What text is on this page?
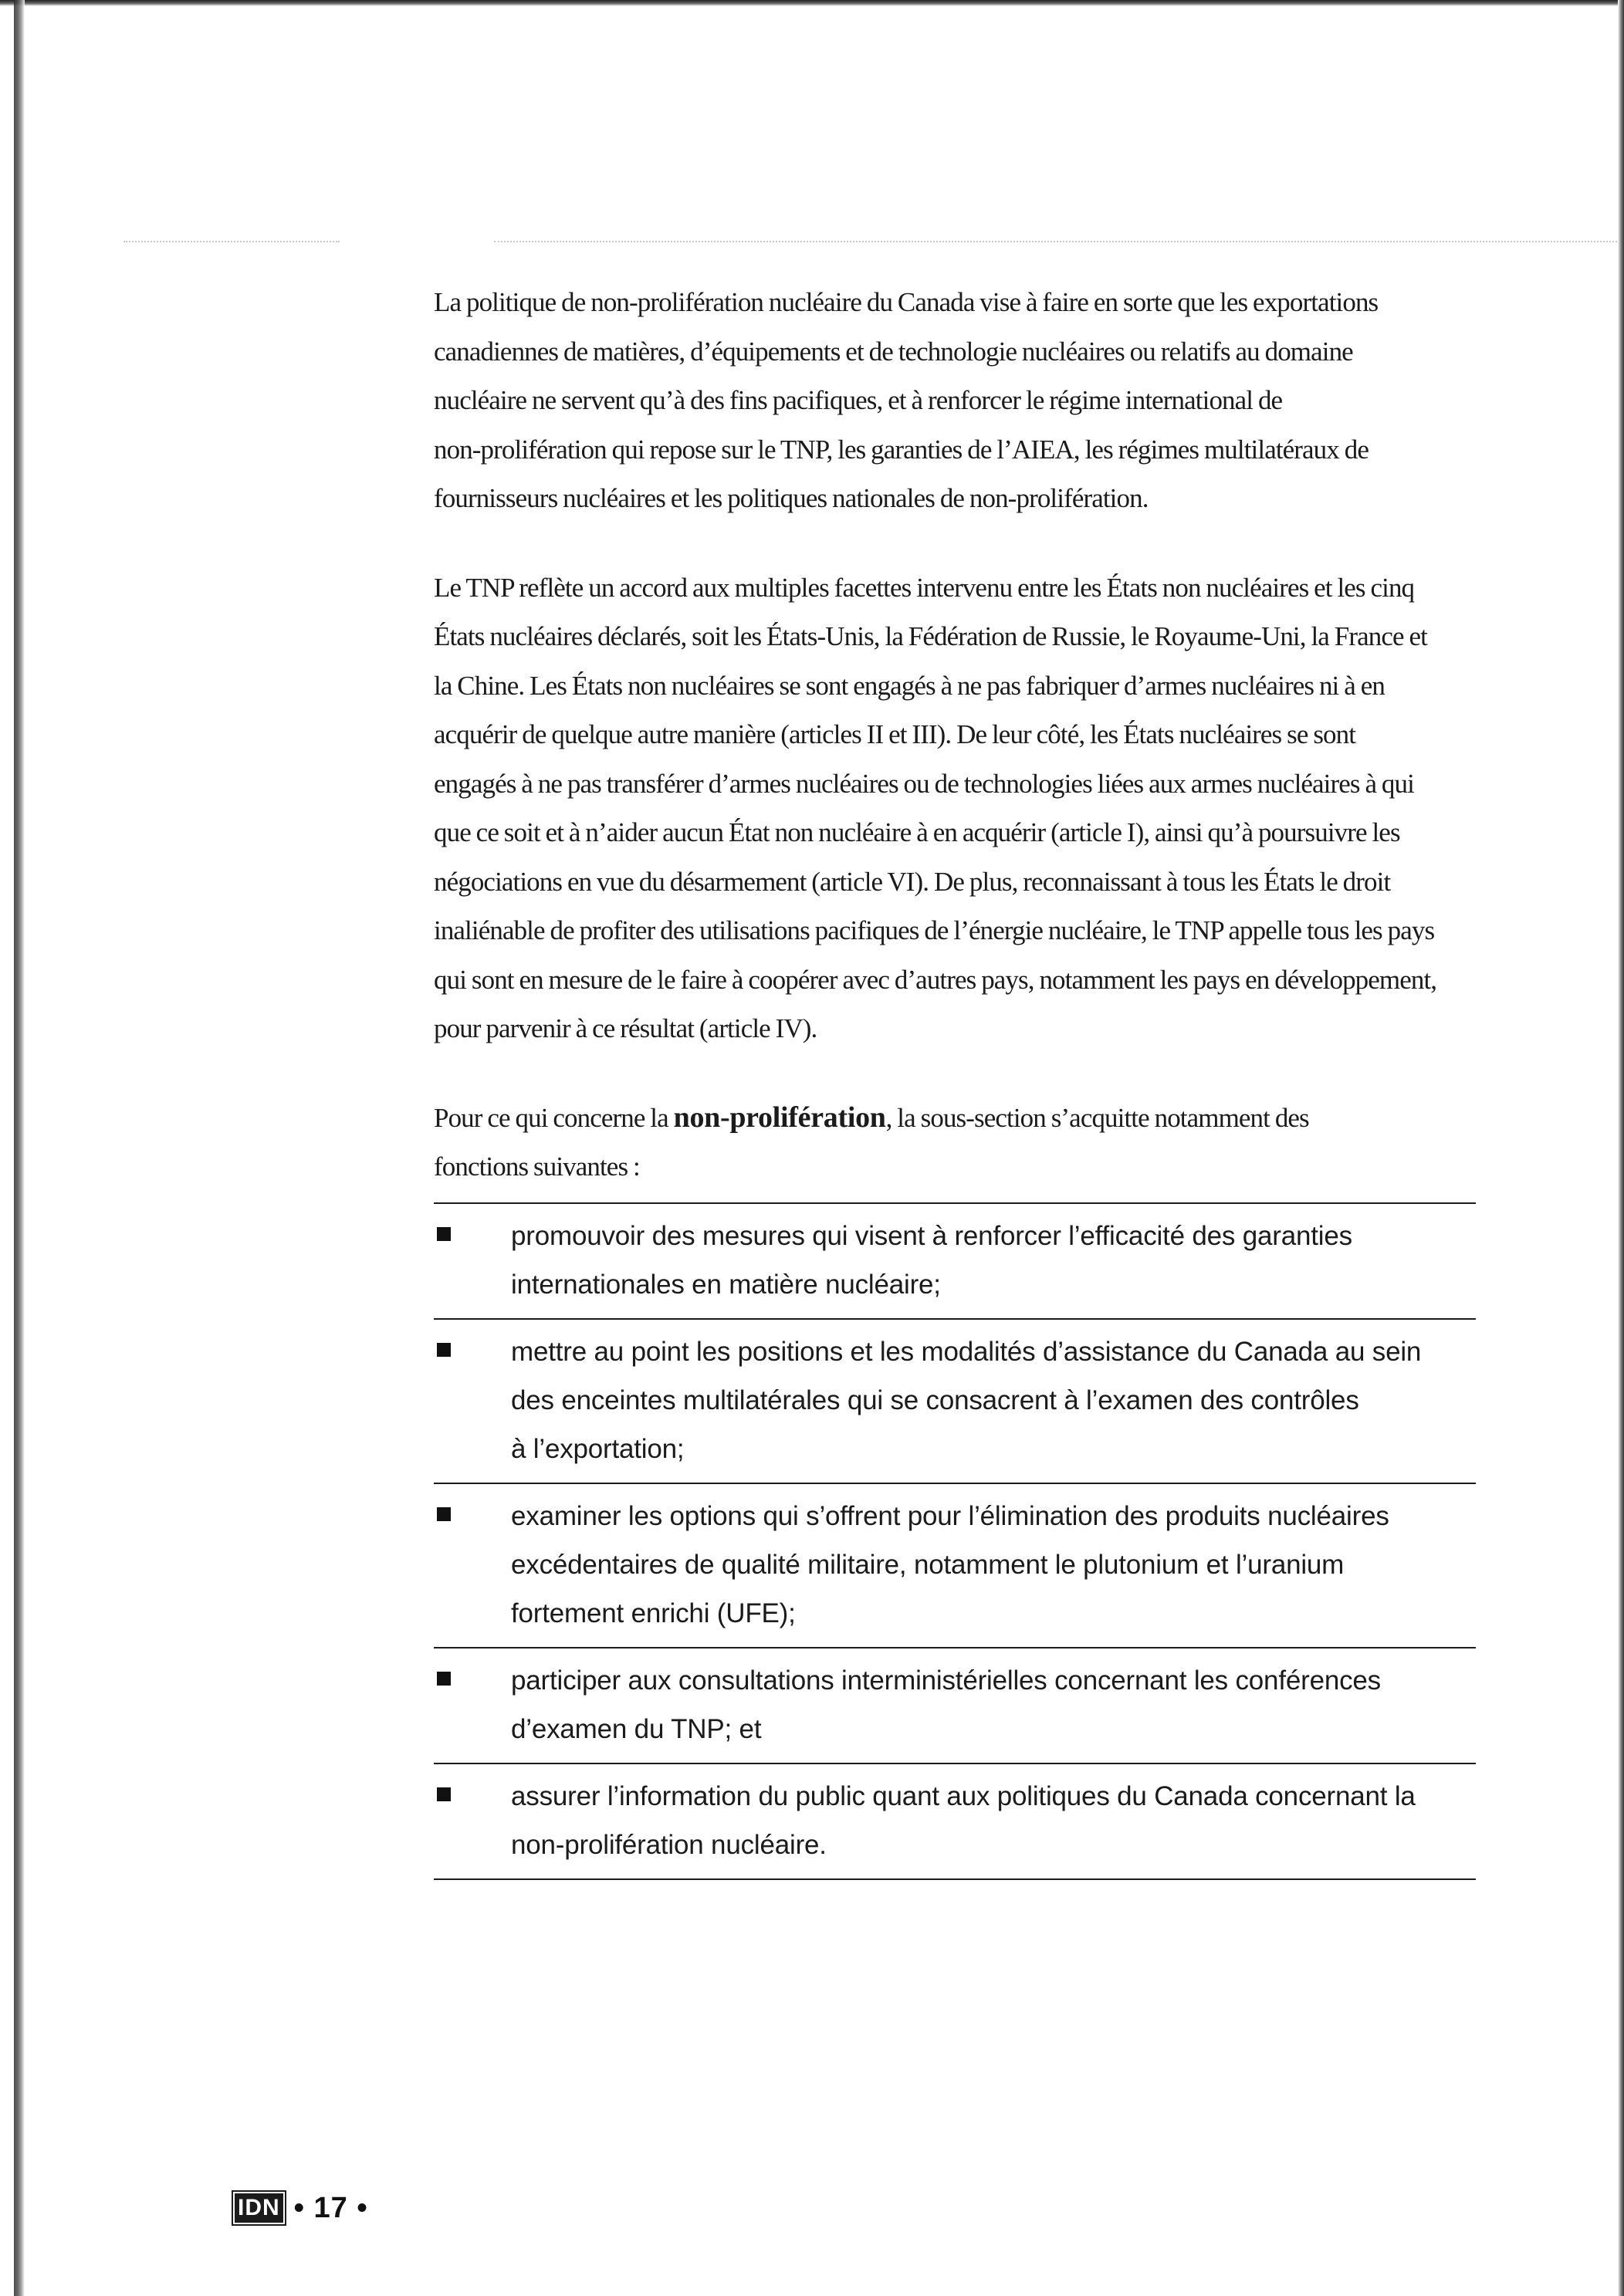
La politique de non-prolifération nucléaire du Canada vise à faire en sorte que les exportations
canadiennes de matières, d’équipements et de technologie nucléaires ou relatifs au domaine
nucléaire ne servent qu’à des fins pacifiques, et à renforcer le régime international de
non-prolifération qui repose sur le TNP, les garanties de l’AIEA, les régimes multilatéraux de
fournisseurs nucléaires et les politiques nationales de non-prolifération.

Le TNP reflète un accord aux multiples facettes intervenu entre les États non nucléaires et les cinq
États nucléaires déclarés, soit les États-Unis, la Fédération de Russie, le Royaume-Uni, la France et
la Chine. Les États non nucléaires se sont engagés à ne pas fabriquer d’armes nucléaires ni à en
acquérir de quelque autre manière (articles II et III). De leur côté, les États nucléaires se sont
engagés à ne pas transférer d’armes nucléaires ou de technologies liées aux armes nucléaires à qui
que ce soit et à n’aider aucun État non nucléaire à en acquérir (article I), ainsi qu’à poursuivre les
négociations en vue du désarmement (article VI). De plus, reconnaissant à tous les États le droit
inaliénable de profiter des utilisations pacifiques de l’énergie nucléaire, le TNP appelle tous les pays
qui sont en mesure de le faire à coopérer avec d’autres pays, notamment les pays en développement,
pour parvenir à ce résultat (article IV).

Pour ce qui concerne la non-prolifération, la sous-section s’acquitte notamment des
fonctions suivantes :

promouvoir des mesures qui visent à renforcer l’efficacité des garanties
internationales en matière nucléaire;
mettre au point les positions et les modalités d’assistance du Canada au sein
des enceintes multilatérales qui se consacrent à l’examen des contrôles
à l’exportation;
examiner les options qui s’offrent pour l’élimination des produits nucléaires
excédentaires de qualité militaire, notamment le plutonium et l’uranium
fortement enrichi (UFE);
participer aux consultations interministérielles concernant les conférences
d’examen du TNP; et
assurer l’information du public quant aux politiques du Canada concernant la
non-prolifération nucléaire.
IDN • 17 •
